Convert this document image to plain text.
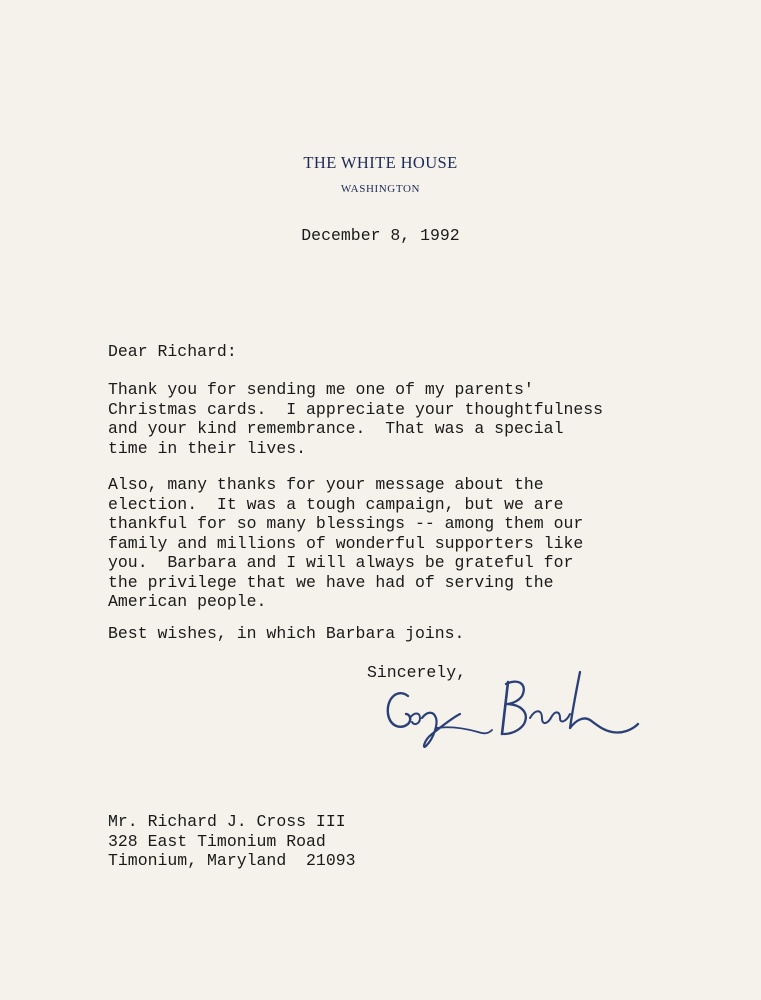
THE WHITE HOUSE
WASHINGTON
December 8, 1992
Dear Richard:
Thank you for sending me one of my parents'
Christmas cards.  I appreciate your thoughtfulness
and your kind remembrance.  That was a special
time in their lives.
Also, many thanks for your message about the
election.  It was a tough campaign, but we are
thankful for so many blessings -- among them our
family and millions of wonderful supporters like
you.  Barbara and I will always be grateful for
the privilege that we have had of serving the
American people.
Best wishes, in which Barbara joins.
Sincerely,
Mr. Richard J. Cross III
328 East Timonium Road
Timonium, Maryland  21093
